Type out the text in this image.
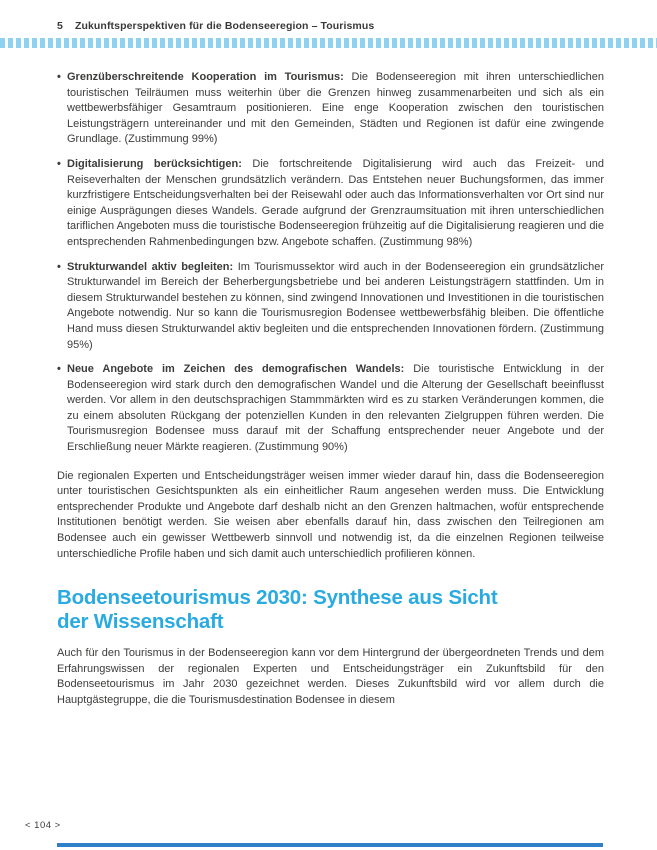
5 Zukunftsperspektiven für die Bodenseeregion – Tourismus
• Grenzüberschreitende Kooperation im Tourismus: Die Bodenseeregion mit ihren unterschiedlichen touristischen Teilräumen muss weiterhin über die Grenzen hinweg zusammenarbeiten und sich als ein wettbewerbsfähiger Gesamtraum positionieren. Eine enge Kooperation zwischen den touristischen Leistungsträgern untereinander und mit den Gemeinden, Städten und Regionen ist dafür eine zwingende Grundlage. (Zustimmung 99%)
• Digitalisierung berücksichtigen: Die fortschreitende Digitalisierung wird auch das Freizeit- und Reiseverhalten der Menschen grundsätzlich verändern. Das Entstehen neuer Buchungsformen, das immer kurzfristigere Entscheidungsverhalten bei der Reisewahl oder auch das Informationsverhalten vor Ort sind nur einige Ausprägungen dieses Wandels. Gerade aufgrund der Grenzraumsituation mit ihren unterschiedlichen tariflichen Angeboten muss die touristische Bodenseeregion frühzeitig auf die Digitalisierung reagieren und die entsprechenden Rahmenbedingungen bzw. Angebote schaffen. (Zustimmung 98%)
• Strukturwandel aktiv begleiten: Im Tourismussektor wird auch in der Bodenseeregion ein grundsätzlicher Strukturwandel im Bereich der Beherbergungsbetriebe und bei anderen Leistungsträgern stattfinden. Um in diesem Strukturwandel bestehen zu können, sind zwingend Innovationen und Investitionen in die touristischen Angebote notwendig. Nur so kann die Tourismusregion Bodensee wettbewerbsfähig bleiben. Die öffentliche Hand muss diesen Strukturwandel aktiv begleiten und die entsprechenden Innovationen fördern. (Zustimmung 95%)
• Neue Angebote im Zeichen des demografischen Wandels: Die touristische Entwicklung in der Bodenseeregion wird stark durch den demografischen Wandel und die Alterung der Gesellschaft beeinflusst werden. Vor allem in den deutschsprachigen Stammmärkten wird es zu starken Veränderungen kommen, die zu einem absoluten Rückgang der potenziellen Kunden in den relevanten Zielgruppen führen werden. Die Tourismusregion Bodensee muss darauf mit der Schaffung entsprechender neuer Angebote und der Erschließung neuer Märkte reagieren. (Zustimmung 90%)

Die regionalen Experten und Entscheidungsträger weisen immer wieder darauf hin, dass die Bodenseeregion unter touristischen Gesichtspunkten als ein einheitlicher Raum angesehen werden muss. Die Entwicklung entsprechender Produkte und Angebote darf deshalb nicht an den Grenzen haltmachen, wofür entsprechende Institutionen benötigt werden. Sie weisen aber ebenfalls darauf hin, dass zwischen den Teilregionen am Bodensee auch ein gewisser Wettbewerb sinnvoll und notwendig ist, da die einzelnen Regionen teilweise unterschiedliche Profile haben und sich damit auch unterschiedlich profilieren können.

Bodenseetourismus 2030: Synthese aus Sicht
der Wissenschaft

Auch für den Tourismus in der Bodenseeregion kann vor dem Hintergrund der übergeordneten Trends und dem Erfahrungswissen der regionalen Experten und Entscheidungsträger ein Zukunftsbild für den Bodenseetourismus im Jahr 2030 gezeichnet werden. Dieses Zukunftsbild wird vor allem durch die Hauptgästegruppe, die die Tourismusdestination Bodensee in diesem

< 104 >
